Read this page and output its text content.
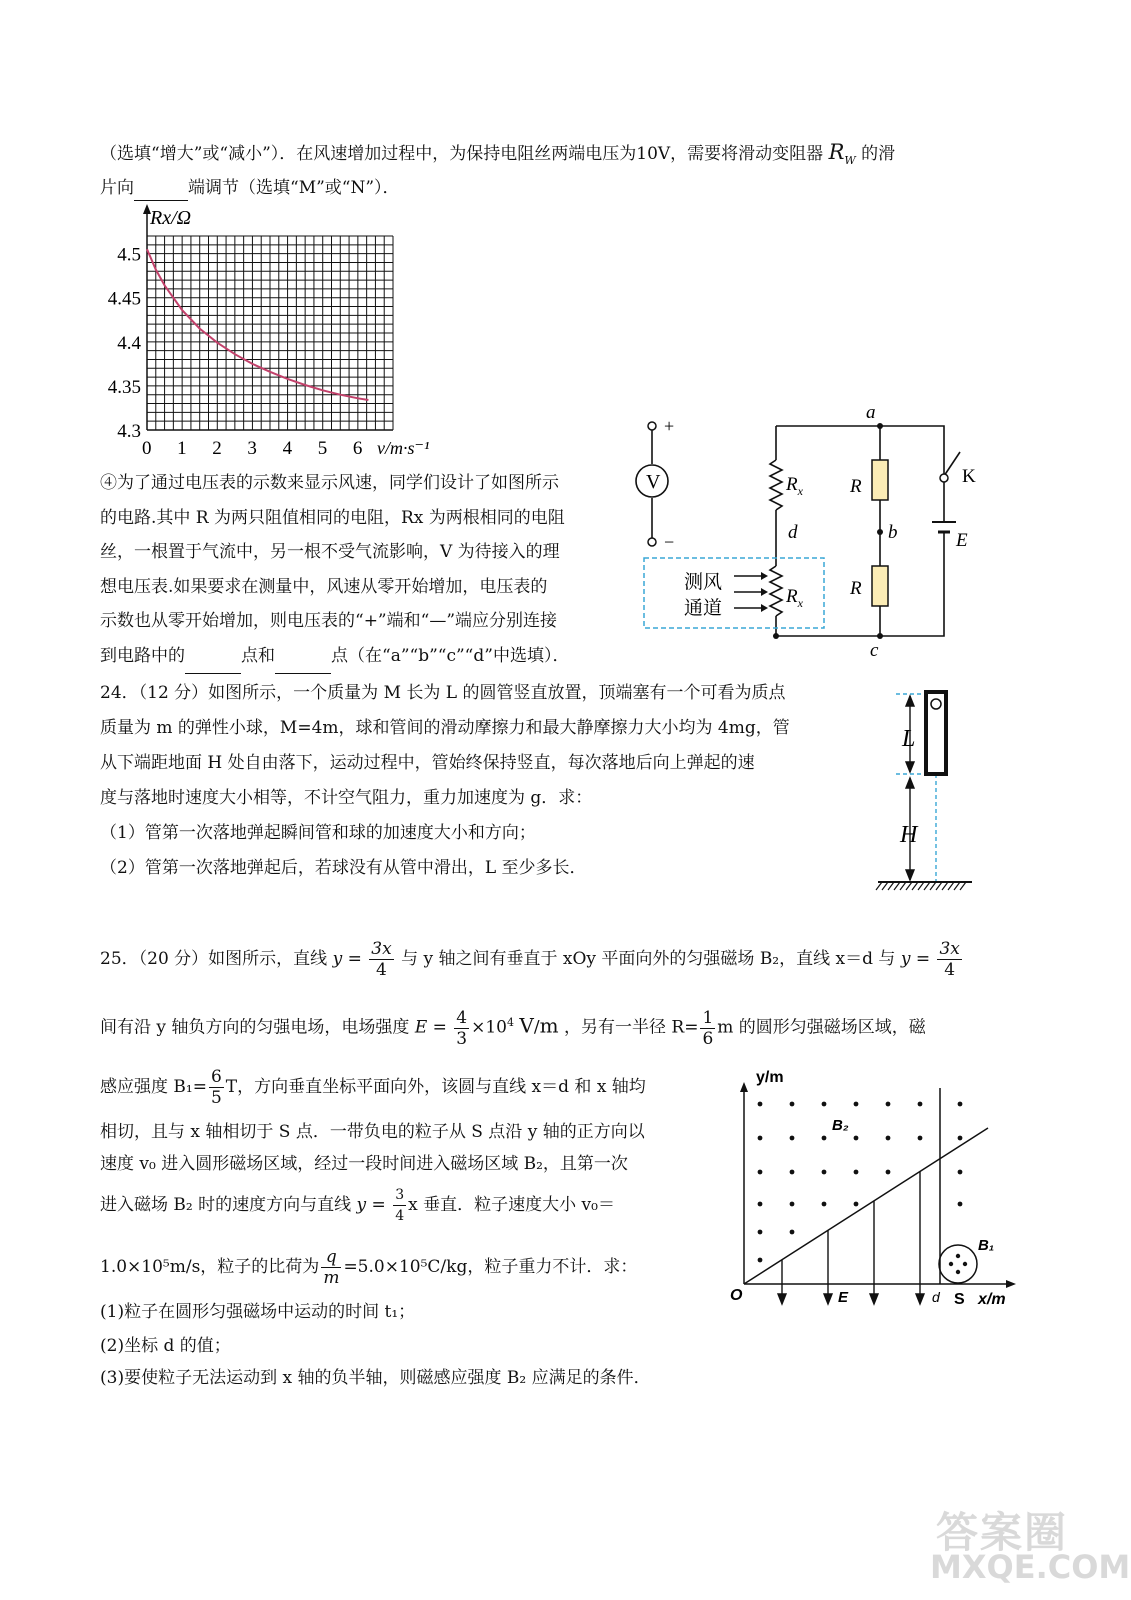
（选填“增大”或“减小”）．在风速增加过程中，为保持电阻丝两端电压为10V，需要将滑动变阻器 $R_W$ 的滑
片向	端调节（选填“M”或“N”）．
0 1 2 3 4 5 6
4.5
4.45
4.4
4.35
4.3
Rx/Ω
v/m·s⁻¹
④为了通过电压表的示数来显示风速，同学们设计了如图所示
的电路.其中 R 为两只阻值相同的电阻，Rx 为两根相同的电阻
丝，一根置于气流中，另一根不受气流影响，V 为待接入的理
想电压表.如果要求在测量中，风速从零开始增加，电压表的
示数也从零开始增加，则电压表的“+”端和“—”端应分别连接
到电路中的	点和	点（在“a”“b”“c”“d”中选填）．
V
+
−
a
b
c
d
$R_x$
$R_x$
R
R
K
E
测风
通道
24．（12 分）如图所示，一个质量为 M 长为 L 的圆管竖直放置，顶端塞有一个可看为质点
质量为 m 的弹性小球，M=4m，球和管间的滑动摩擦力和最大静摩擦力大小均为 4mg，管
从下端距地面 H 处自由落下，运动过程中，管始终保持竖直，每次落地后向上弹起的速
度与落地时速度大小相等，不计空气阻力，重力加速度为 g．求：
（1）管第一次落地弹起瞬间管和球的加速度大小和方向；
（2）管第一次落地弹起后，若球没有从管中滑出，L 至少多长．
L
H
25．（20 分）如图所示，直线 $y = \frac{3x}{4}$ 与 y 轴之间有垂直于 xOy 平面向外的匀强磁场 B₂，直线 x＝d 与 $y = \frac{3x}{4}$
间有沿 y 轴负方向的匀强电场，电场强度 $E = \frac{4}{3} \times 10^4$ V/m ，另有一半径 $R= \frac{1}{6}$ m 的圆形匀强磁场区域，磁
感应强度 $B_1= \frac{6}{5}$ T，方向垂直坐标平面向外，该圆与直线 x＝d 和 x 轴均
相切，且与 x 轴相切于 S 点．一带负电的粒子从 S 点沿 y 轴的正方向以
速度 v₀ 进入圆形磁场区域，经过一段时间进入磁场区域 B₂，且第一次
进入磁场 B₂ 时的速度方向与直线 $y = \frac{3}{4}$ x 垂直．粒子速度大小 v₀＝
1.0×10⁵m/s，粒子的比荷为 $\frac{q}{m} =5.0\times 10^5C/kg$，粒子重力不计．求：
(1)粒子在圆形匀强磁场中运动的时间 t₁；
(2)坐标 d 的值；
(3)要使粒子无法运动到 x 轴的负半轴，则磁感应强度 B₂ 应满足的条件．
y/m
x/m
O
B₂
B₁
E	d S
答案圈
MXQE.COM
